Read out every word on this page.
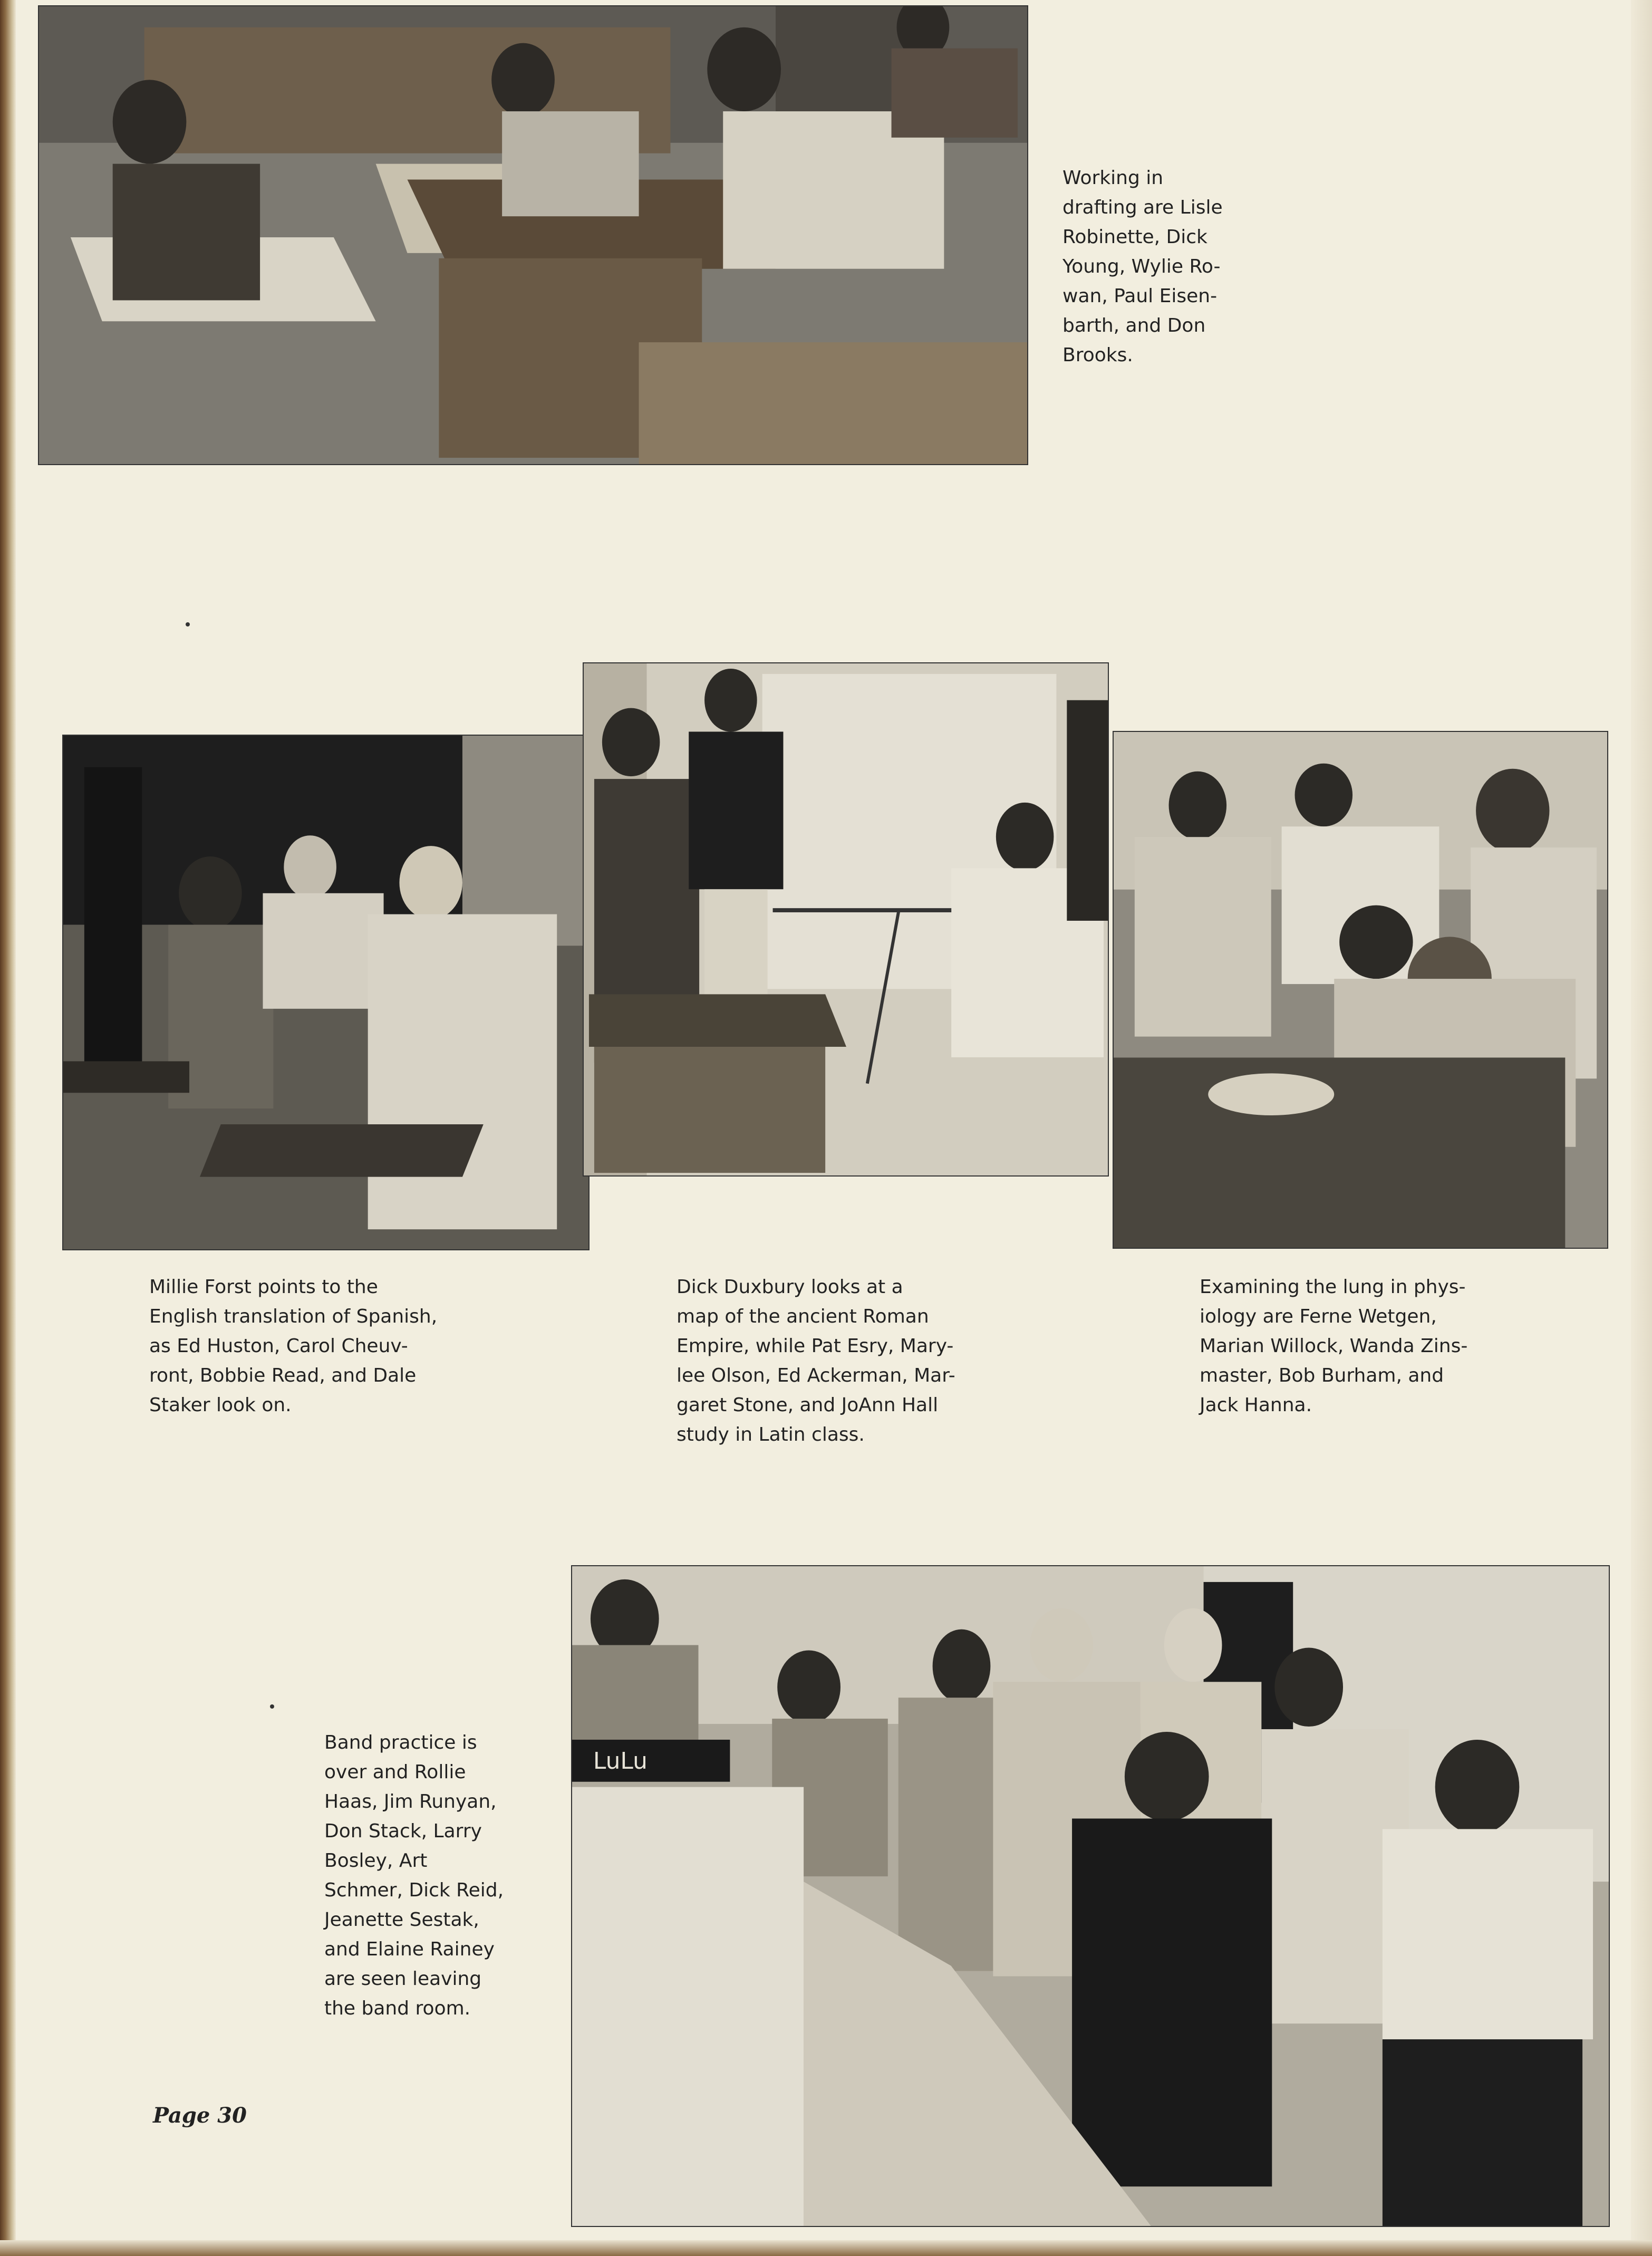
Working in
drafting are Lisle
Robinette, Dick
Young, Wylie Ro-
wan, Paul Eisen-
barth, and Don
Brooks.
Millie Forst points to the
English translation of Spanish,
as Ed Huston, Carol Cheuv-
ront, Bobbie Read, and Dale
Staker look on.
Dick Duxbury looks at a
map of the ancient Roman
Empire, while Pat Esry, Mary-
lee Olson, Ed Ackerman, Mar-
garet Stone, and JoAnn Hall
study in Latin class.
Examining the lung in phys-
iology are Ferne Wetgen,
Marian Willock, Wanda Zins-
master, Bob Burham, and
Jack Hanna.
LuLu
Band practice is
over and Rollie
Haas, Jim Runyan,
Don Stack, Larry
Bosley, Art
Schmer, Dick Reid,
Jeanette Sestak,
and Elaine Rainey
are seen leaving
the band room.
Page 30
